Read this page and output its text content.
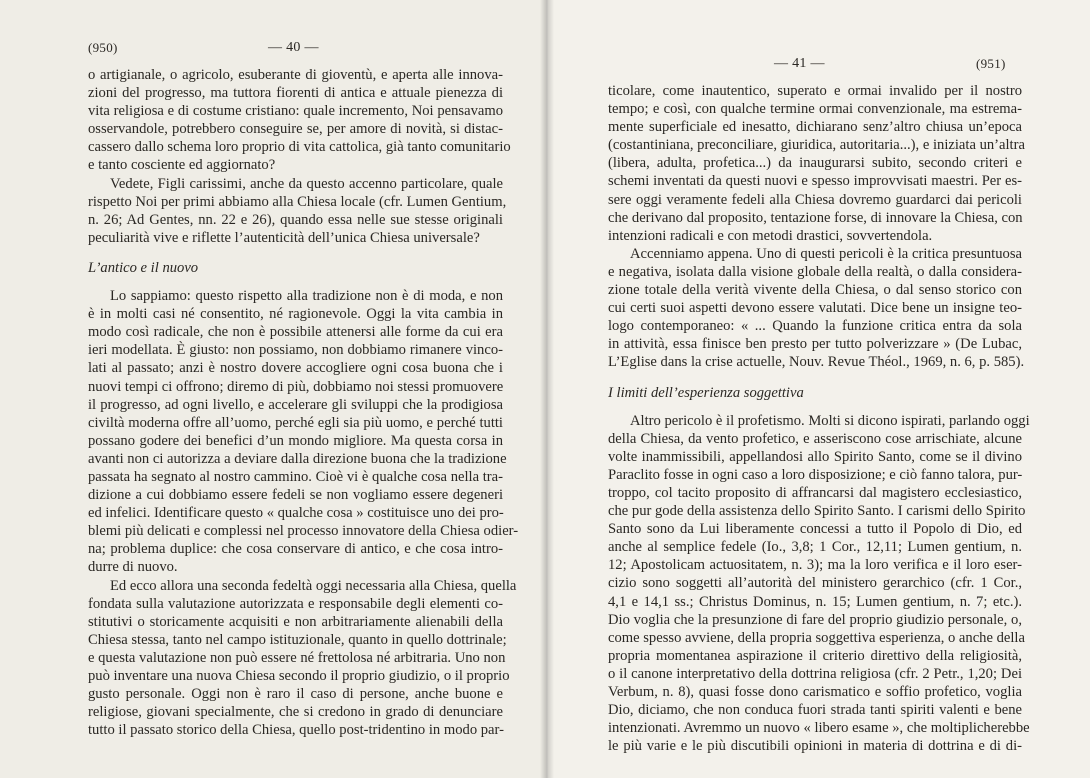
(950)	— 40 —
o artigianale, o agricolo, esuberante di gioventù, e aperta alle innova-
zioni del progresso, ma tuttora fiorenti di antica e attuale pienezza di
vita religiosa e di costume cristiano: quale incremento, Noi pensavamo
osservandole, potrebbero conseguire se, per amore di novità, si distac-
cassero dallo schema loro proprio di vita cattolica, già tanto comunitario
e tanto cosciente ed aggiornato?
Vedete, Figli carissimi, anche da questo accenno particolare, quale
rispetto Noi per primi abbiamo alla Chiesa locale (cfr. Lumen Gentium,
n. 26; Ad Gentes, nn. 22 e 26), quando essa nelle sue stesse originali
peculiarità vive e riflette l’autenticità dell’unica Chiesa universale?
L’antico e il nuovo
Lo sappiamo: questo rispetto alla tradizione non è di moda, e non
è in molti casi né consentito, né ragionevole. Oggi la vita cambia in
modo così radicale, che non è possibile attenersi alle forme da cui era
ieri modellata. È giusto: non possiamo, non dobbiamo rimanere vinco-
lati al passato; anzi è nostro dovere accogliere ogni cosa buona che i
nuovi tempi ci offrono; diremo di più, dobbiamo noi stessi promuovere
il progresso, ad ogni livello, e accelerare gli sviluppi che la prodigiosa
civiltà moderna offre all’uomo, perché egli sia più uomo, e perché tutti
possano godere dei benefici d’un mondo migliore. Ma questa corsa in
avanti non ci autorizza a deviare dalla direzione buona che la tradizione
passata ha segnato al nostro cammino. Cioè vi è qualche cosa nella tra-
dizione a cui dobbiamo essere fedeli se non vogliamo essere degeneri
ed infelici. Identificare questo « qualche cosa » costituisce uno dei pro-
blemi più delicati e complessi nel processo innovatore della Chiesa odier-
na; problema duplice: che cosa conservare di antico, e che cosa intro-
durre di nuovo.
Ed ecco allora una seconda fedeltà oggi necessaria alla Chiesa, quella
fondata sulla valutazione autorizzata e responsabile degli elementi co-
stitutivi o storicamente acquisiti e non arbitrariamente alienabili della
Chiesa stessa, tanto nel campo istituzionale, quanto in quello dottrinale;
e questa valutazione non può essere né frettolosa né arbitraria. Uno non
può inventare una nuova Chiesa secondo il proprio giudizio, o il proprio
gusto personale. Oggi non è raro il caso di persone, anche buone e
religiose, giovani specialmente, che si credono in grado di denunciare
tutto il passato storico della Chiesa, quello post-tridentino in modo par-
— 41 —	(951)
ticolare, come inautentico, superato e ormai invalido per il nostro
tempo; e così, con qualche termine ormai convenzionale, ma estrema-
mente superficiale ed inesatto, dichiarano senz’altro chiusa un’epoca
(costantiniana, preconciliare, giuridica, autoritaria...), e iniziata un’altra
(libera, adulta, profetica...) da inaugurarsi subito, secondo criteri e
schemi inventati da questi nuovi e spesso improvvisati maestri. Per es-
sere oggi veramente fedeli alla Chiesa dovremo guardarci dai pericoli
che derivano dal proposito, tentazione forse, di innovare la Chiesa, con
intenzioni radicali e con metodi drastici, sovvertendola.
Accenniamo appena. Uno di questi pericoli è la critica presuntuosa
e negativa, isolata dalla visione globale della realtà, o dalla considera-
zione totale della verità vivente della Chiesa, o dal senso storico con
cui certi suoi aspetti devono essere valutati. Dice bene un insigne teo-
logo contemporaneo: « ... Quando la funzione critica entra da sola
in attività, essa finisce ben presto per tutto polverizzare » (De Lubac,
L’Eglise dans la crise actuelle, Nouv. Revue Théol., 1969, n. 6, p. 585).
I limiti dell’esperienza soggettiva
Altro pericolo è il profetismo. Molti si dicono ispirati, parlando oggi
della Chiesa, da vento profetico, e asseriscono cose arrischiate, alcune
volte inammissibili, appellandosi allo Spirito Santo, come se il divino
Paraclito fosse in ogni caso a loro disposizione; e ciò fanno talora, pur-
troppo, col tacito proposito di affrancarsi dal magistero ecclesiastico,
che pur gode della assistenza dello Spirito Santo. I carismi dello Spirito
Santo sono da Lui liberamente concessi a tutto il Popolo di Dio, ed
anche al semplice fedele (Io., 3,8; 1 Cor., 12,11; Lumen gentium, n.
12; Apostolicam actuositatem, n. 3); ma la loro verifica e il loro eser-
cizio sono soggetti all’autorità del ministero gerarchico (cfr. 1 Cor.,
4,1 e 14,1 ss.; Christus Dominus, n. 15; Lumen gentium, n. 7; etc.).
Dio voglia che la presunzione di fare del proprio giudizio personale, o,
come spesso avviene, della propria soggettiva esperienza, o anche della
propria momentanea aspirazione il criterio direttivo della religiosità,
o il canone interpretativo della dottrina religiosa (cfr. 2 Petr., 1,20; Dei
Verbum, n. 8), quasi fosse dono carismatico e soffio profetico, voglia
Dio, diciamo, che non conduca fuori strada tanti spiriti valenti e bene
intenzionati. Avremmo un nuovo « libero esame », che moltiplicherebbe
le più varie e le più discutibili opinioni in materia di dottrina e di di-
